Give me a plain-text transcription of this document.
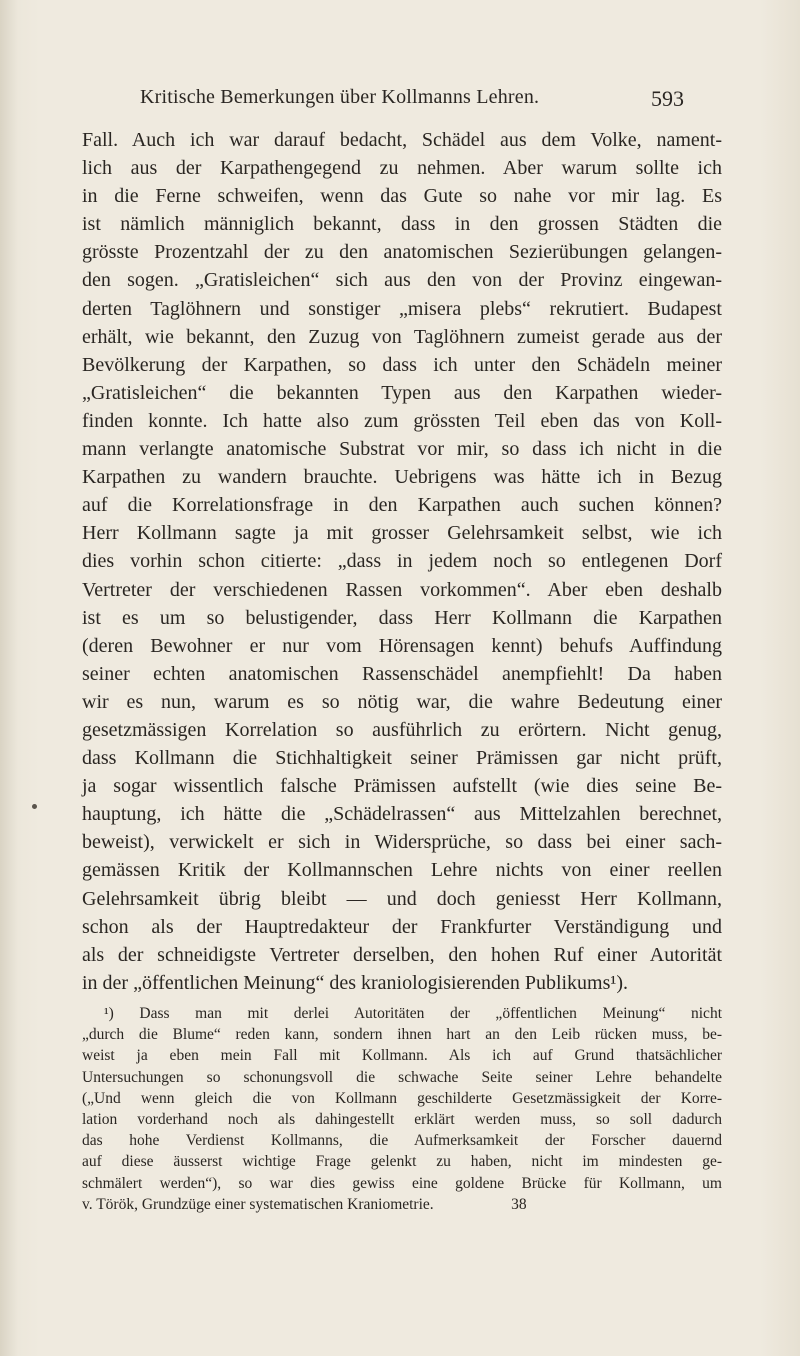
Kritische Bemerkungen über Kollmanns Lehren.	593
Fall. Auch ich war darauf bedacht, Schädel aus dem Volke, nament-
lich aus der Karpathengegend zu nehmen. Aber warum sollte ich
in die Ferne schweifen, wenn das Gute so nahe vor mir lag. Es
ist nämlich männiglich bekannt, dass in den grossen Städten die
grösste Prozentzahl der zu den anatomischen Sezierübungen gelangen-
den sogen. „Gratisleichen“ sich aus den von der Provinz eingewan-
derten Taglöhnern und sonstiger „misera plebs“ rekrutiert. Budapest
erhält, wie bekannt, den Zuzug von Taglöhnern zumeist gerade aus der
Bevölkerung der Karpathen, so dass ich unter den Schädeln meiner
„Gratisleichen“ die bekannten Typen aus den Karpathen wieder-
finden konnte. Ich hatte also zum grössten Teil eben das von Koll-
mann verlangte anatomische Substrat vor mir, so dass ich nicht in die
Karpathen zu wandern brauchte. Uebrigens was hätte ich in Bezug
auf die Korrelationsfrage in den Karpathen auch suchen können?
Herr Kollmann sagte ja mit grosser Gelehrsamkeit selbst, wie ich
dies vorhin schon citierte: „dass in jedem noch so entlegenen Dorf
Vertreter der verschiedenen Rassen vorkommen“. Aber eben deshalb
ist es um so belustigender, dass Herr Kollmann die Karpathen
(deren Bewohner er nur vom Hörensagen kennt) behufs Auffindung
seiner echten anatomischen Rassenschädel anempfiehlt! Da haben
wir es nun, warum es so nötig war, die wahre Bedeutung einer
gesetzmässigen Korrelation so ausführlich zu erörtern. Nicht genug,
dass Kollmann die Stichhaltigkeit seiner Prämissen gar nicht prüft,
ja sogar wissentlich falsche Prämissen aufstellt (wie dies seine Be-
hauptung, ich hätte die „Schädelrassen“ aus Mittelzahlen berechnet,
beweist), verwickelt er sich in Widersprüche, so dass bei einer sach-
gemässen Kritik der Kollmannschen Lehre nichts von einer reellen
Gelehrsamkeit übrig bleibt — und doch geniesst Herr Kollmann,
schon als der Hauptredakteur der Frankfurter Verständigung und
als der schneidigste Vertreter derselben, den hohen Ruf einer Autorität
in der „öffentlichen Meinung“ des kraniologisierenden Publikums¹).
¹) Dass man mit derlei Autoritäten der „öffentlichen Meinung“ nicht
„durch die Blume“ reden kann, sondern ihnen hart an den Leib rücken muss, be-
weist ja eben mein Fall mit Kollmann. Als ich auf Grund thatsächlicher
Untersuchungen so schonungsvoll die schwache Seite seiner Lehre behandelte
(„Und wenn gleich die von Kollmann geschilderte Gesetzmässigkeit der Korre-
lation vorderhand noch als dahingestellt erklärt werden muss, so soll dadurch
das hohe Verdienst Kollmanns, die Aufmerksamkeit der Forscher dauernd
auf diese äusserst wichtige Frage gelenkt zu haben, nicht im mindesten ge-
schmälert werden“), so war dies gewiss eine goldene Brücke für Kollmann, um
v. Török, Grundzüge einer systematischen Kraniometrie.                    38
